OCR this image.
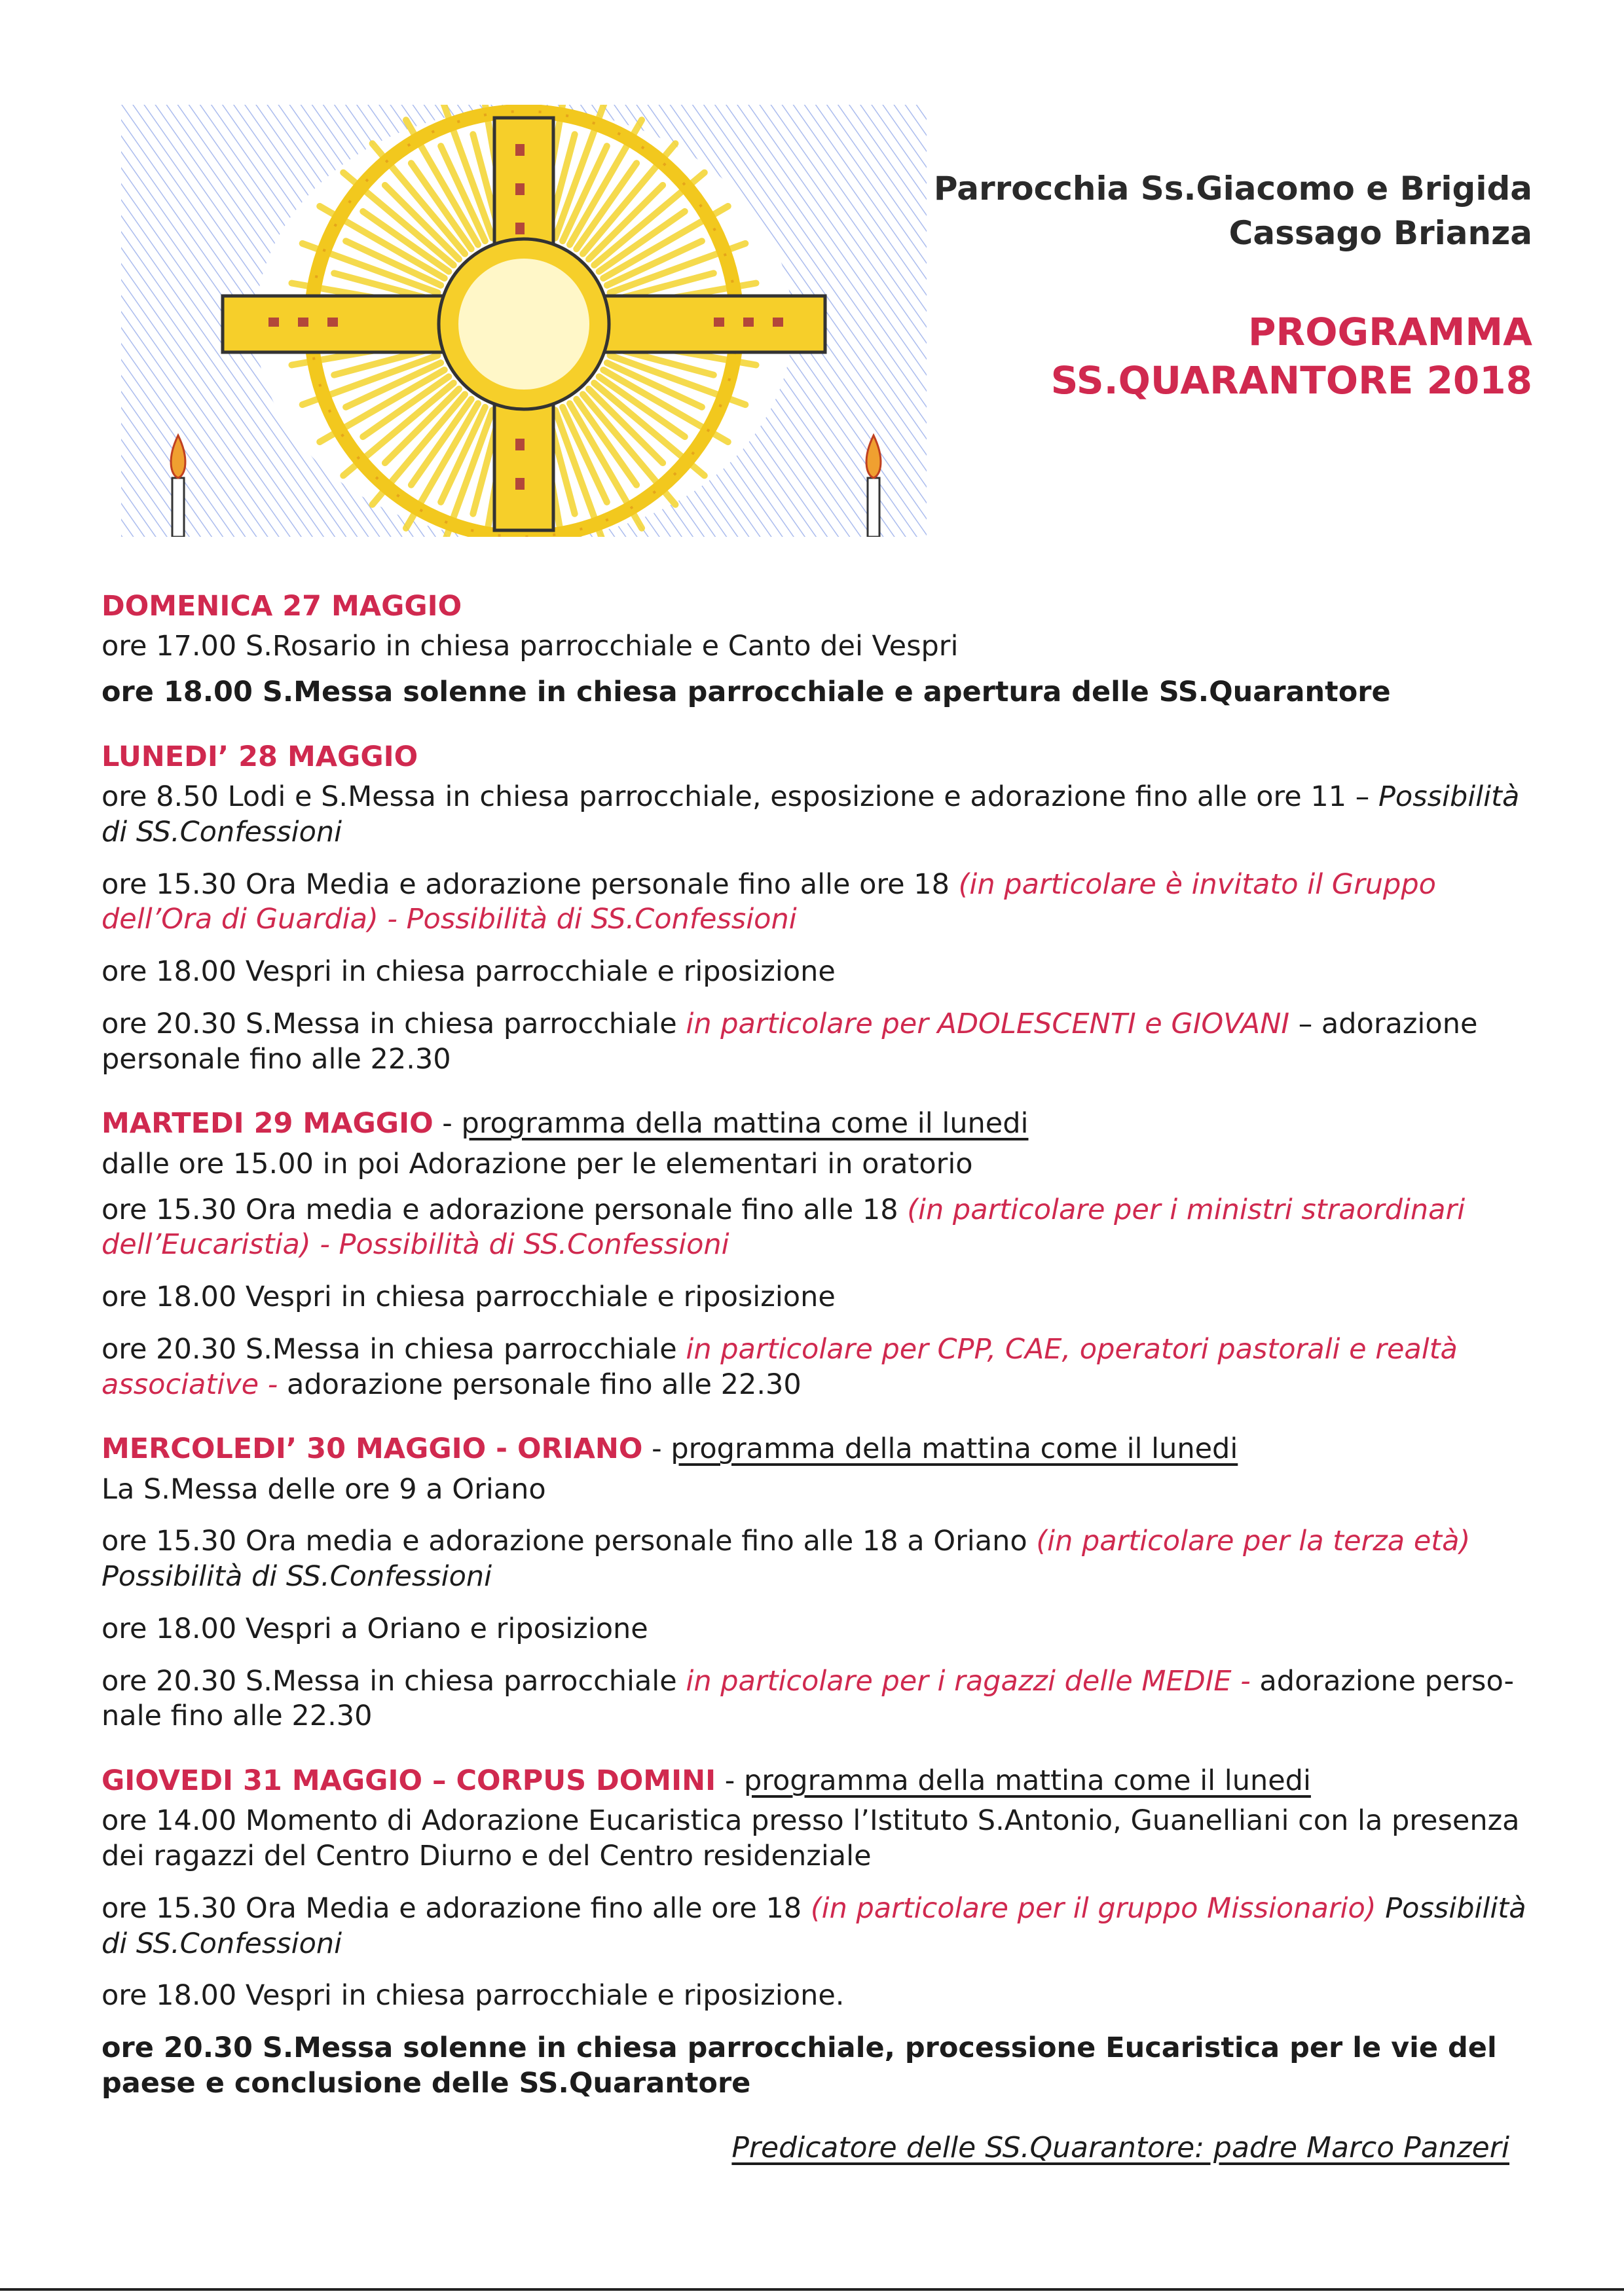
Parrocchia Ss.Giacomo e Brigida
Cassago Brianza
PROGRAMMA
SS.QUARANTORE 2018
DOMENICA 27 MAGGIO
ore 17.00 S.Rosario in chiesa parrocchiale e Canto dei Vespri
ore 18.00 S.Messa solenne in chiesa parrocchiale e apertura delle SS.Quarantore
LUNEDI’ 28 MAGGIO
ore 8.50 Lodi e S.Messa in chiesa parrocchiale, esposizione e adorazione fino alle ore 11 – Possibilità di SS.Confessioni
ore 15.30 Ora Media e adorazione personale fino alle ore 18 (in particolare è invitato il Gruppo dell’Ora di Guardia) - Possibilità di SS.Confessioni
ore 18.00 Vespri in chiesa parrocchiale e riposizione
ore 20.30 S.Messa in chiesa parrocchiale in particolare per ADOLESCENTI e GIOVANI – adorazione personale fino alle 22.30
MARTEDI 29 MAGGIO - programma della mattina come il lunedi
dalle ore 15.00 in poi Adorazione per le elementari in oratorio
ore 15.30 Ora media e adorazione personale fino alle 18 (in particolare per i ministri straordinari dell’Eucaristia) - Possibilità di SS.Confessioni
ore 18.00 Vespri in chiesa parrocchiale e riposizione
ore 20.30 S.Messa in chiesa parrocchiale in particolare per CPP, CAE, operatori pastorali e realtà associative - adorazione personale fino alle 22.30
MERCOLEDI’ 30 MAGGIO - ORIANO - programma della mattina come il lunedi
La S.Messa delle ore 9 a Oriano
ore 15.30 Ora media e adorazione personale fino alle 18 a Oriano (in particolare per la terza età) Possibilità di SS.Confessioni
ore 18.00 Vespri a Oriano e riposizione
ore 20.30 S.Messa in chiesa parrocchiale in particolare per i ragazzi delle MEDIE - adorazione perso-nale fino alle 22.30
GIOVEDI 31 MAGGIO – CORPUS DOMINI - programma della mattina come il lunedi
ore 14.00 Momento di Adorazione Eucaristica presso l’Istituto S.Antonio, Guanelliani con la presenza dei ragazzi del Centro Diurno e del Centro residenziale
ore 15.30 Ora Media e adorazione fino alle ore 18 (in particolare per il gruppo Missionario) Possibilità di SS.Confessioni
ore 18.00 Vespri in chiesa parrocchiale e riposizione.
ore 20.30 S.Messa solenne in chiesa parrocchiale, processione Eucaristica per le vie del paese e conclusione delle SS.Quarantore
Predicatore delle SS.Quarantore: padre Marco Panzeri
